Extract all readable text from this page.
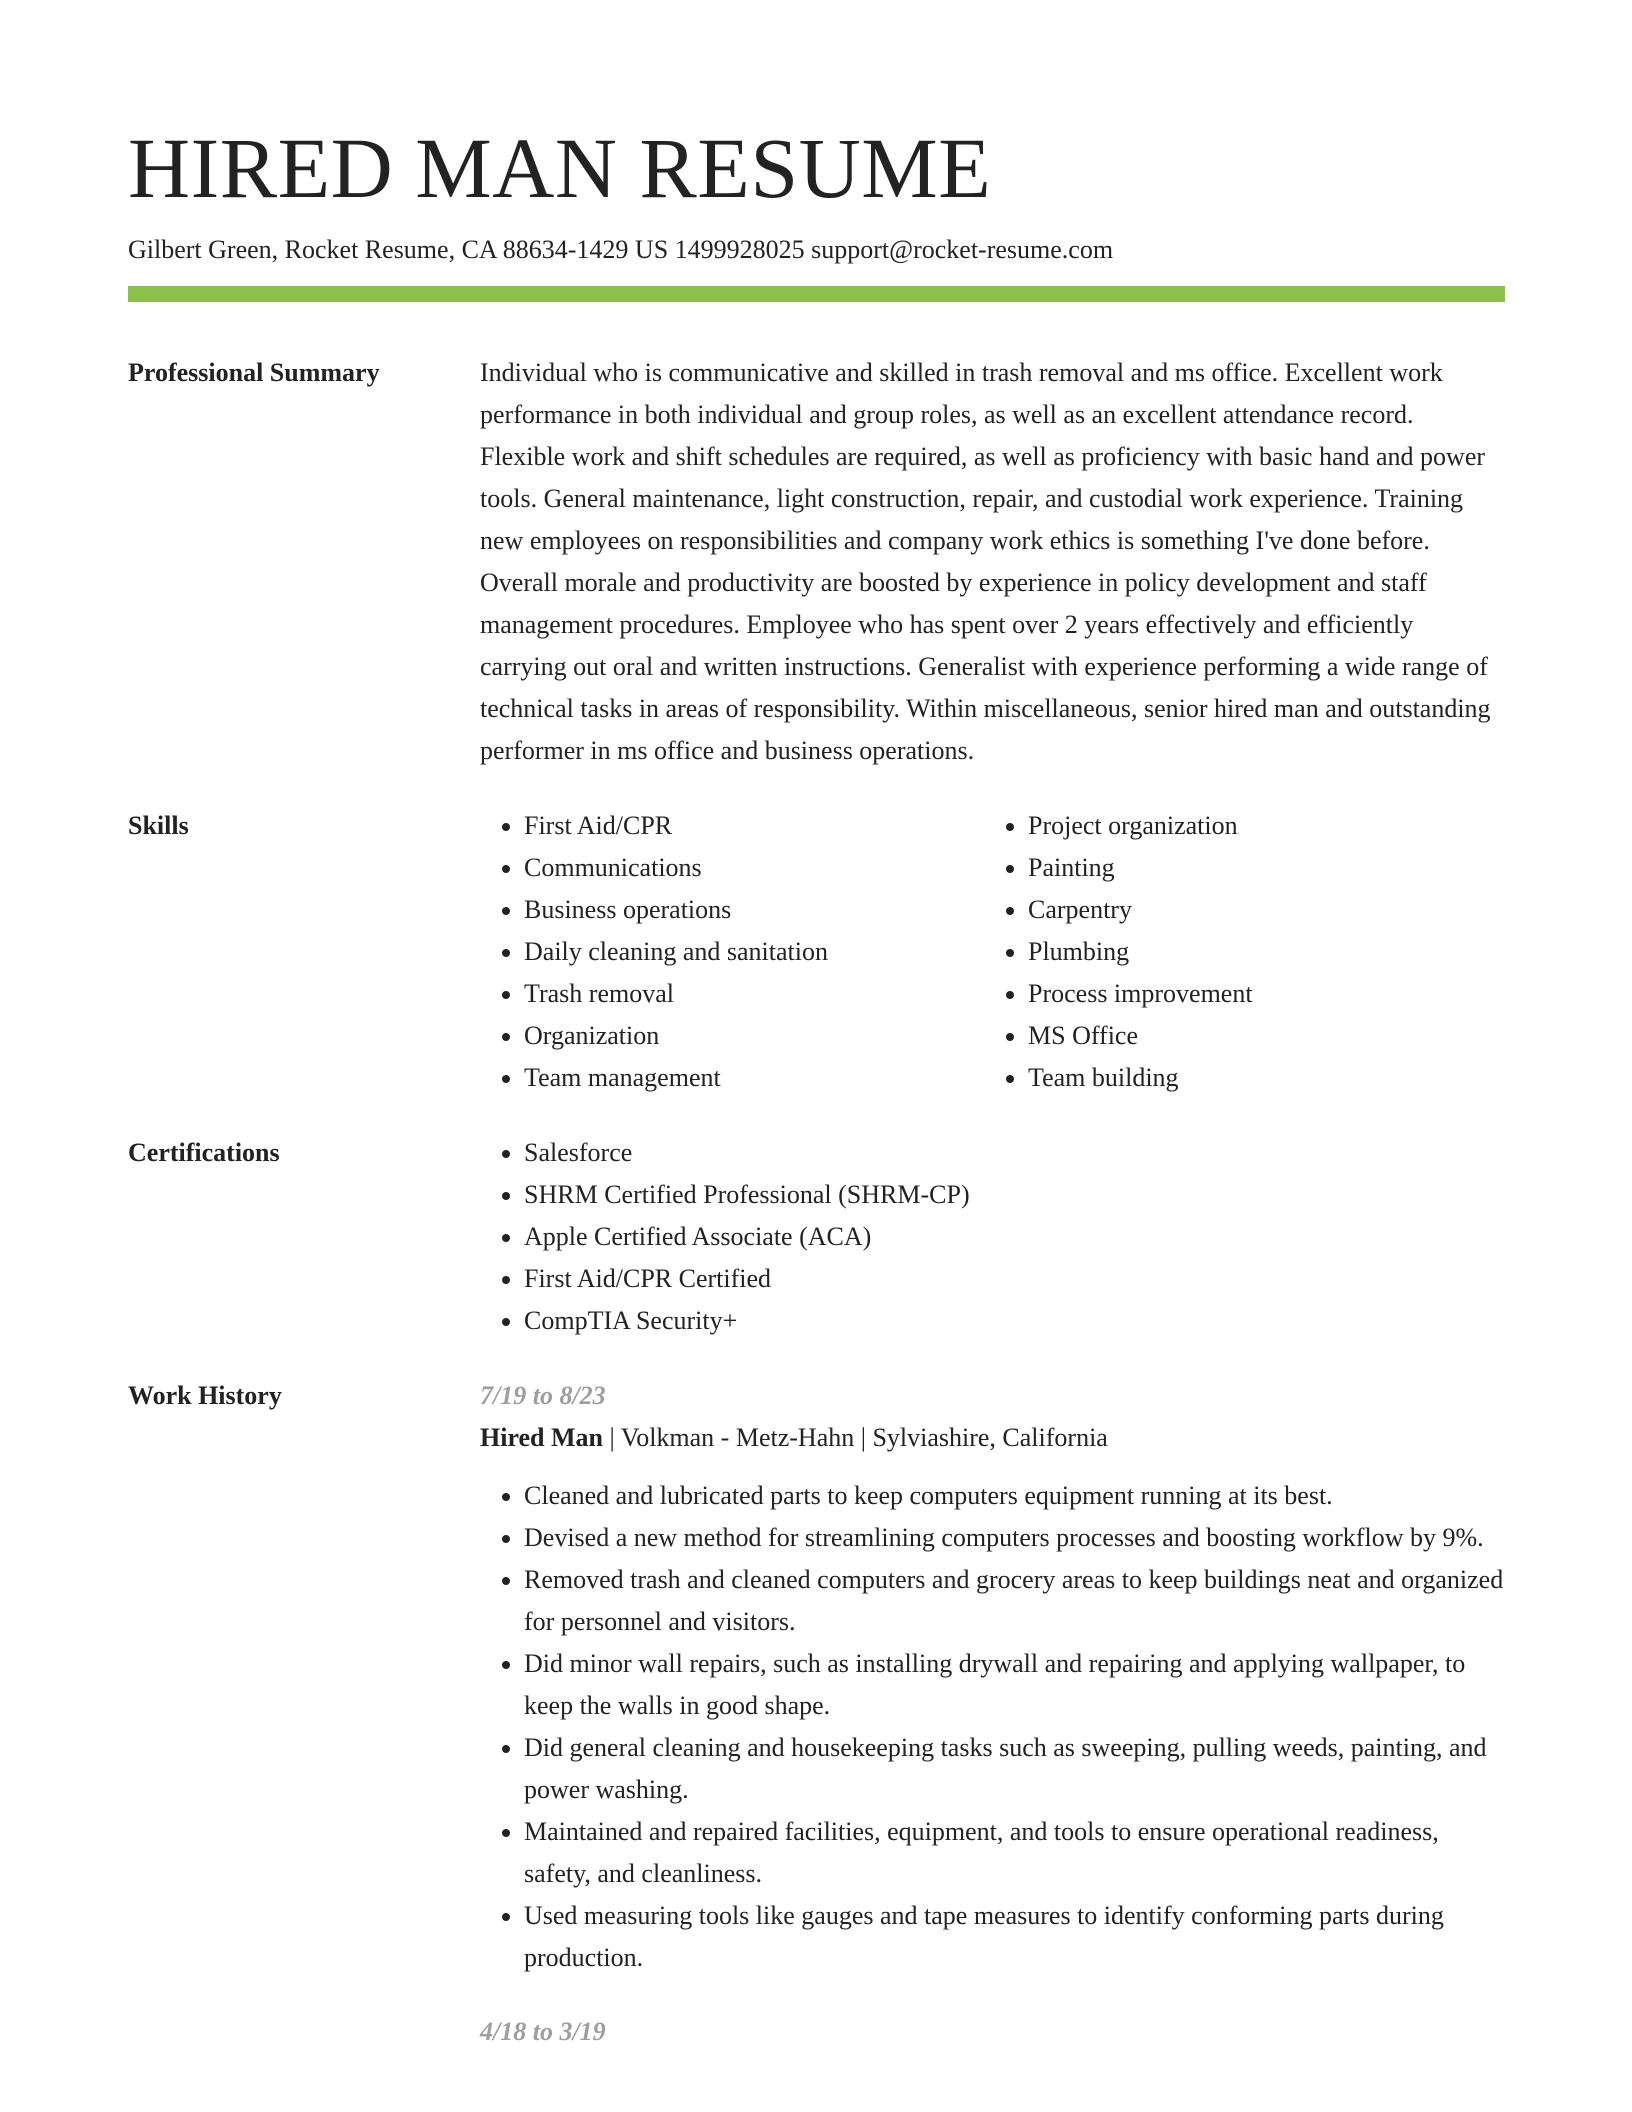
HIRED MAN RESUME
Gilbert Green, Rocket Resume, CA 88634-1429 US 1499928025 support@rocket-resume.com
Professional Summary	Individual who is communicative and skilled in trash removal and ms office. Excellent work performance in both individual and group roles, as well as an excellent attendance record. Flexible work and shift schedules are required, as well as proficiency with basic hand and power tools. General maintenance, light construction, repair, and custodial work experience. Training new employees on responsibilities and company work ethics is something I've done before. Overall morale and productivity are boosted by experience in policy development and staff management procedures. Employee who has spent over 2 years effectively and efficiently carrying out oral and written instructions. Generalist with experience performing a wide range of technical tasks in areas of responsibility. Within miscellaneous, senior hired man and outstanding performer in ms office and business operations.
Skills	• First Aid/CPR
• Communications
• Business operations
• Daily cleaning and sanitation
• Trash removal
• Organization
• Team management
• Project organization
• Painting
• Carpentry
• Plumbing
• Process improvement
• MS Office
• Team building
Certifications	• Salesforce
• SHRM Certified Professional (SHRM-CP)
• Apple Certified Associate (ACA)
• First Aid/CPR Certified
• CompTIA Security+
Work History	7/19 to 8/23
Hired Man | Volkman - Metz-Hahn | Sylviashire, California
• Cleaned and lubricated parts to keep computers equipment running at its best.
• Devised a new method for streamlining computers processes and boosting workflow by 9%.
• Removed trash and cleaned computers and grocery areas to keep buildings neat and organized for personnel and visitors.
• Did minor wall repairs, such as installing drywall and repairing and applying wallpaper, to keep the walls in good shape.
• Did general cleaning and housekeeping tasks such as sweeping, pulling weeds, painting, and power washing.
• Maintained and repaired facilities, equipment, and tools to ensure operational readiness, safety, and cleanliness.
• Used measuring tools like gauges and tape measures to identify conforming parts during production.
4/18 to 3/19
